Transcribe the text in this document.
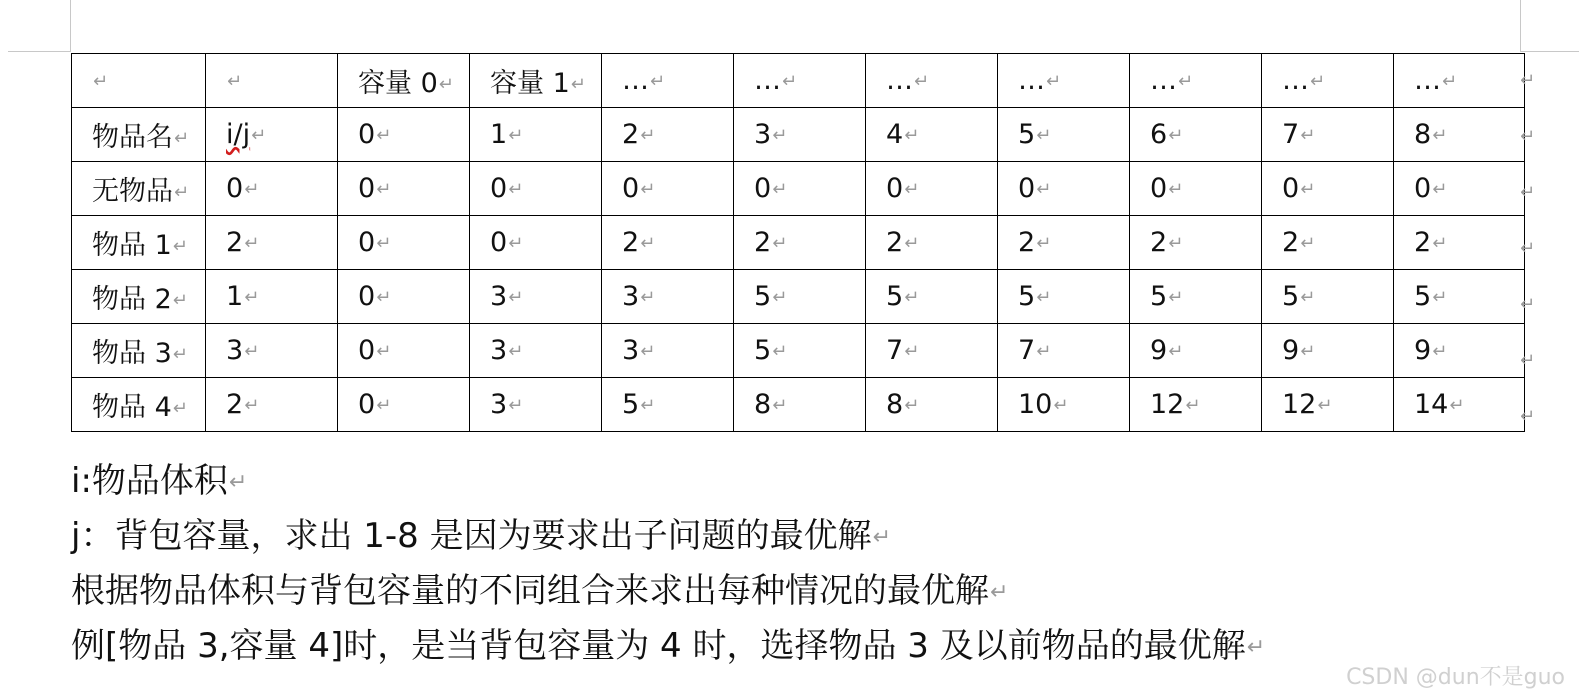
↵	↵	容量 0↵	容量 1↵	…↵	…↵	…↵	…↵	…↵	…↵	…↵
物品名↵	i/j↵	0↵	1↵	2↵	3↵	4↵	5↵	6↵	7↵	8↵
无物品↵	0↵	0↵	0↵	0↵	0↵	0↵	0↵	0↵	0↵	0↵
物品 1↵	2↵	0↵	0↵	2↵	2↵	2↵	2↵	2↵	2↵	2↵
物品 2↵	1↵	0↵	3↵	3↵	5↵	5↵	5↵	5↵	5↵	5↵
物品 3↵	3↵	0↵	3↵	3↵	5↵	7↵	7↵	9↵	9↵	9↵
物品 4↵	2↵	0↵	3↵	5↵	8↵	8↵	10↵	12↵	12↵	14↵
↵
↵
↵
↵
↵
↵
↵
i:物品体积↵
j：背包容量，求出 1-8 是因为要求出子问题的最优解↵
根据物品体积与背包容量的不同组合来求出每种情况的最优解↵
例[物品 3,容量 4]时，是当背包容量为 4 时，选择物品 3 及以前物品的最优解↵
CSDN @dun不是guo
